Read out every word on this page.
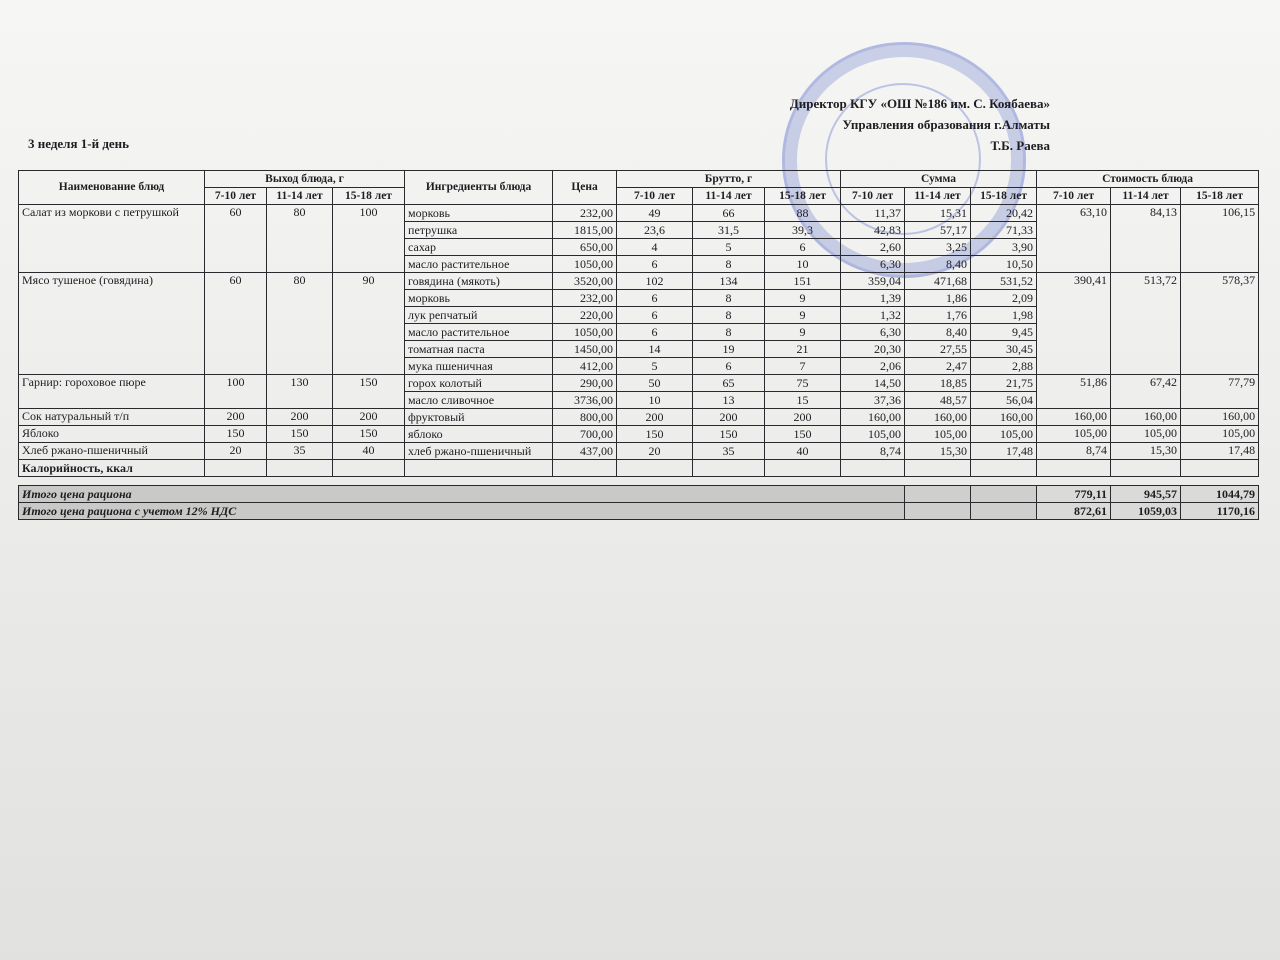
Директор КГУ «ОШ №186 им. С. Коябаева»
Управления образования г.Алматы
Т.Б. Раева
3 неделя 1-й день
Наименование блюд	Выход блюда, г			Ингредиенты блюда	Цена	Брутто, г			Сумма			Стоимость блюда		
	7-10 лет	11-14 лет	15-18 лет			7-10 лет	11-14 лет	15-18 лет	7-10 лет	11-14 лет	15-18 лет	7-10 лет	11-14 лет	15-18 лет
Салат из моркови с петрушкой	60	80	100	морковь	232,00	49	66	88	11,37	15,31	20,42	63,10	84,13	106,15
				петрушка	1815,00	23,6	31,5	39,3	42,83	57,17	71,33			
				сахар	650,00	4	5	6	2,60	3,25	3,90			
				масло растительное	1050,00	6	8	10	6,30	8,40	10,50			
Мясо тушеное (говядина)	60	80	90	говядина (мякоть)	3520,00	102	134	151	359,04	471,68	531,52	390,41	513,72	578,37
				морковь	232,00	6	8	9	1,39	1,86	2,09			
				лук репчатый	220,00	6	8	9	1,32	1,76	1,98			
				масло растительное	1050,00	6	8	9	6,30	8,40	9,45			
				томатная паста	1450,00	14	19	21	20,30	27,55	30,45			
				мука пшеничная	412,00	5	6	7	2,06	2,47	2,88			
Гарнир: гороховое пюре	100	130	150	горох колотый	290,00	50	65	75	14,50	18,85	21,75	51,86	67,42	77,79
				масло сливочное	3736,00	10	13	15	37,36	48,57	56,04			
Сок натуральный т/п	200	200	200	фруктовый	800,00	200	200	200	160,00	160,00	160,00	160,00	160,00	160,00
Яблоко	150	150	150	яблоко	700,00	150	150	150	105,00	105,00	105,00	105,00	105,00	105,00
Хлеб ржано-пшеничный	20	35	40	хлеб ржано-пшеничный	437,00	20	35	40	8,74	15,30	17,48	8,74	15,30	17,48
Калорийность, ккал														
Итого цена рациона			779,11	945,57	1044,79
Итого цена рациона с учетом 12% НДС			872,61	1059,03	1170,16
